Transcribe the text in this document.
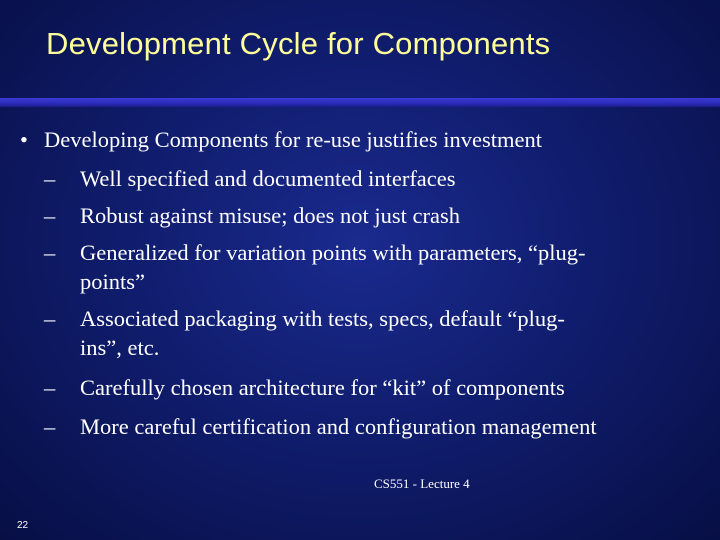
Development Cycle for Components
• Developing Components for re-use justifies investment
– Well specified and documented interfaces
– Robust against misuse; does not just crash
– Generalized for variation points with parameters, “plug-
points”
– Associated packaging with tests, specs, default “plug-
ins”, etc.
– Carefully chosen architecture for “kit” of components
– More careful certification and configuration management
CS551 - Lecture 4
22
